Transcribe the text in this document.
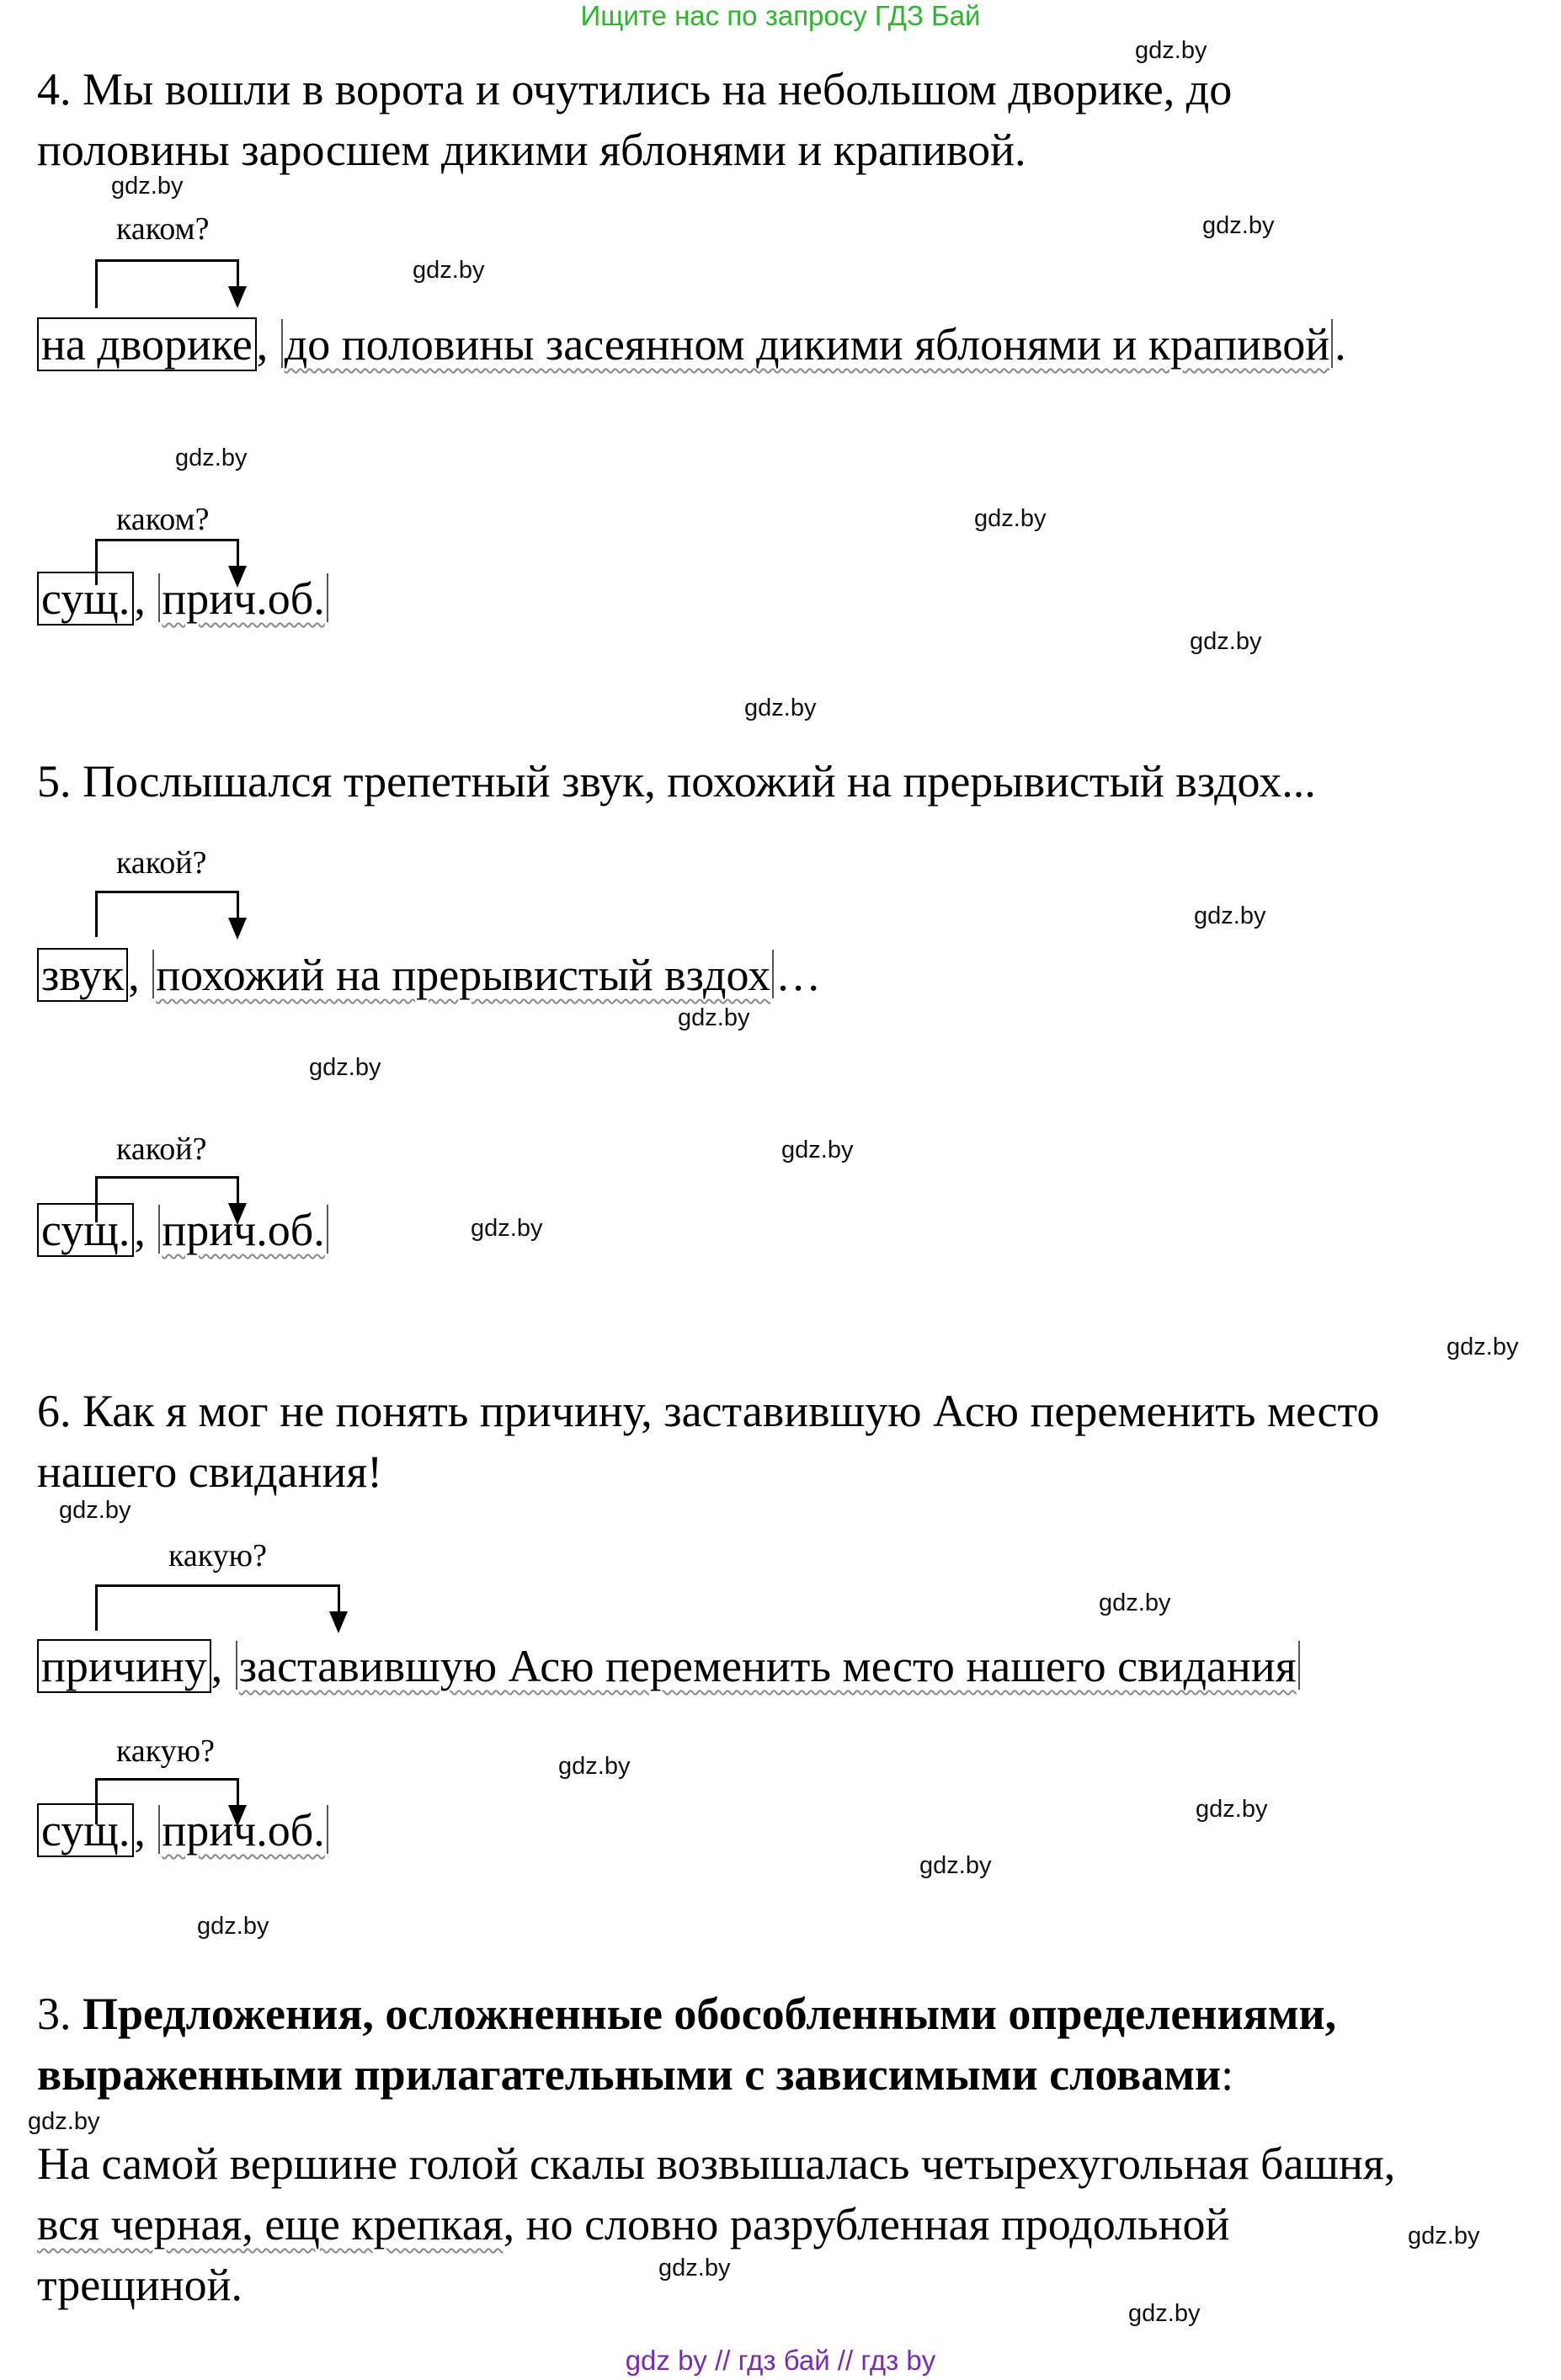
Ищите нас по запросу ГДЗ Бай
gdz.by
gdz.by
gdz.by
gdz.by
gdz.by
gdz.by
gdz.by
gdz.by
gdz.by
gdz.by
gdz.by
gdz.by
gdz.by
gdz.by
gdz.by
gdz.by
gdz.by
gdz.by
gdz.by
gdz.by
gdz.by
gdz.by
gdz.by
gdz.by
4. Мы вошли в ворота и очутились на небольшом дворике, до
половины заросшем дикими яблонями и крапивой.
каком?
на дворике, до половины засеянном дикими яблонями и крапивой .
каком?
сущ., прич.об.
5. Послышался трепетный звук, похожий на прерывистый вздох...
какой?
звук, похожий на прерывистый вздох …
какой?
сущ., прич.об.
6. Как я мог не понять причину, заставившую Асю переменить место
нашего свидания!
какую?
причину, заставившую Асю переменить место нашего свидания
какую?
сущ., прич.об.
3. Предложения, осложненные обособленными определениями,
выраженными прилагательными с зависимыми словами:
На самой вершине голой скалы возвышалась четырехугольная башня,
вся черная, еще крепкая, но словно разрубленная продольной
трещиной.
gdz by // гдз бай // гдз by
